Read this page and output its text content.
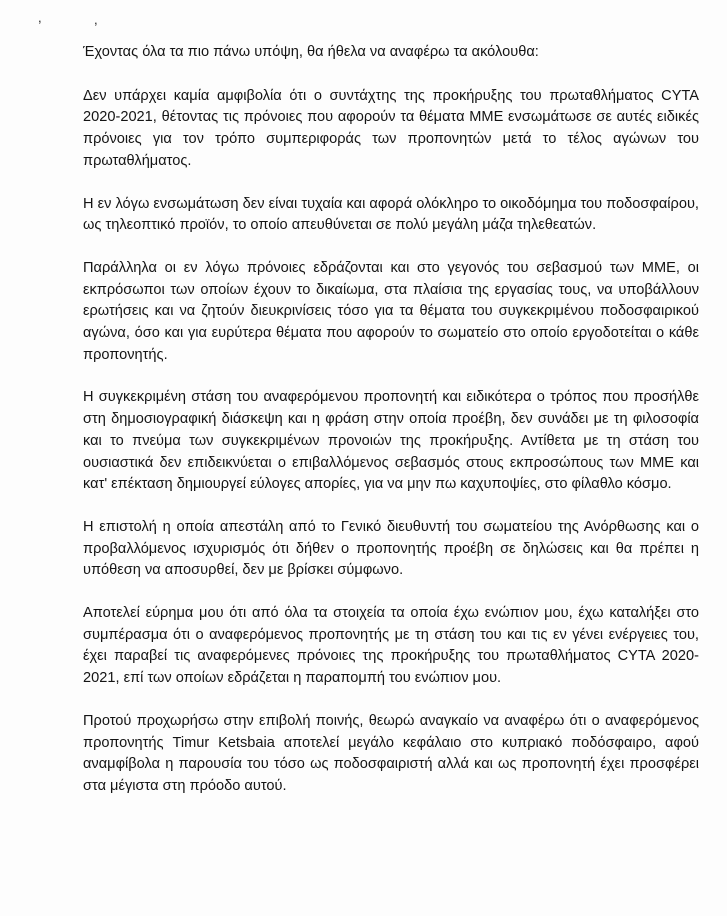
,	,

Έχοντας όλα τα πιο πάνω υπόψη, θα ήθελα να αναφέρω τα ακόλουθα:

Δεν υπάρχει καμία αμφιβολία ότι ο συντάχτης της προκήρυξης του πρωταθλήματος CYTA 2020-2021, θέτοντας τις πρόνοιες που αφορούν τα θέματα ΜΜΕ ενσωμάτωσε σε αυτές ειδικές πρόνοιες για τον τρόπο συμπεριφοράς των προπονητών μετά το τέλος αγώνων του πρωταθλήματος.

Η εν λόγω ενσωμάτωση δεν είναι τυχαία και αφορά ολόκληρο το οικοδόμημα του ποδοσφαίρου, ως τηλεοπτικό προϊόν, το οποίο απευθύνεται σε πολύ μεγάλη μάζα τηλεθεατών.

Παράλληλα οι εν λόγω πρόνοιες εδράζονται και στο γεγονός του σεβασμού των ΜΜΕ, οι εκπρόσωποι των οποίων έχουν το δικαίωμα, στα πλαίσια της εργασίας τους, να υποβάλλουν ερωτήσεις και να ζητούν διευκρινίσεις τόσο για τα θέματα του συγκεκριμένου ποδοσφαιρικού αγώνα, όσο και για ευρύτερα θέματα που αφορούν το σωματείο στο οποίο εργοδοτείται ο κάθε προπονητής.

Η συγκεκριμένη στάση του αναφερόμενου προπονητή και ειδικότερα ο τρόπος που προσήλθε στη δημοσιογραφική διάσκεψη και η φράση στην οποία προέβη, δεν συνάδει με τη φιλοσοφία και το πνεύμα των συγκεκριμένων προνοιών της προκήρυξης. Αντίθετα με τη στάση του ουσιαστικά δεν επιδεικνύεται ο επιβαλλόμενος σεβασμός στους εκπροσώπους των ΜΜΕ και κατ' επέκταση δημιουργεί εύλογες απορίες, για να μην πω καχυποψίες, στο φίλαθλο κόσμο.

Η επιστολή η οποία απεστάλη από το Γενικό διευθυντή του σωματείου της Ανόρθωσης και ο προβαλλόμενος ισχυρισμός ότι δήθεν ο προπονητής προέβη σε δηλώσεις και θα πρέπει η υπόθεση να αποσυρθεί, δεν με βρίσκει σύμφωνο.

Αποτελεί εύρημα μου ότι από όλα τα στοιχεία τα οποία έχω ενώπιον μου, έχω καταλήξει στο συμπέρασμα ότι ο αναφερόμενος προπονητής με τη στάση του και τις εν γένει ενέργειες του, έχει παραβεί τις αναφερόμενες πρόνοιες της προκήρυξης του πρωταθλήματος CYTA 2020-2021, επί των οποίων εδράζεται η παραπομπή του ενώπιον μου.

Προτού προχωρήσω στην επιβολή ποινής, θεωρώ αναγκαίο να αναφέρω ότι ο αναφερόμενος προπονητής Timur Ketsbaia αποτελεί μεγάλο κεφάλαιο στο κυπριακό ποδόσφαιρο, αφού αναμφίβολα η παρουσία του τόσο ως ποδοσφαιριστή αλλά και ως προπονητή έχει προσφέρει στα μέγιστα στη πρόοδο αυτού.
